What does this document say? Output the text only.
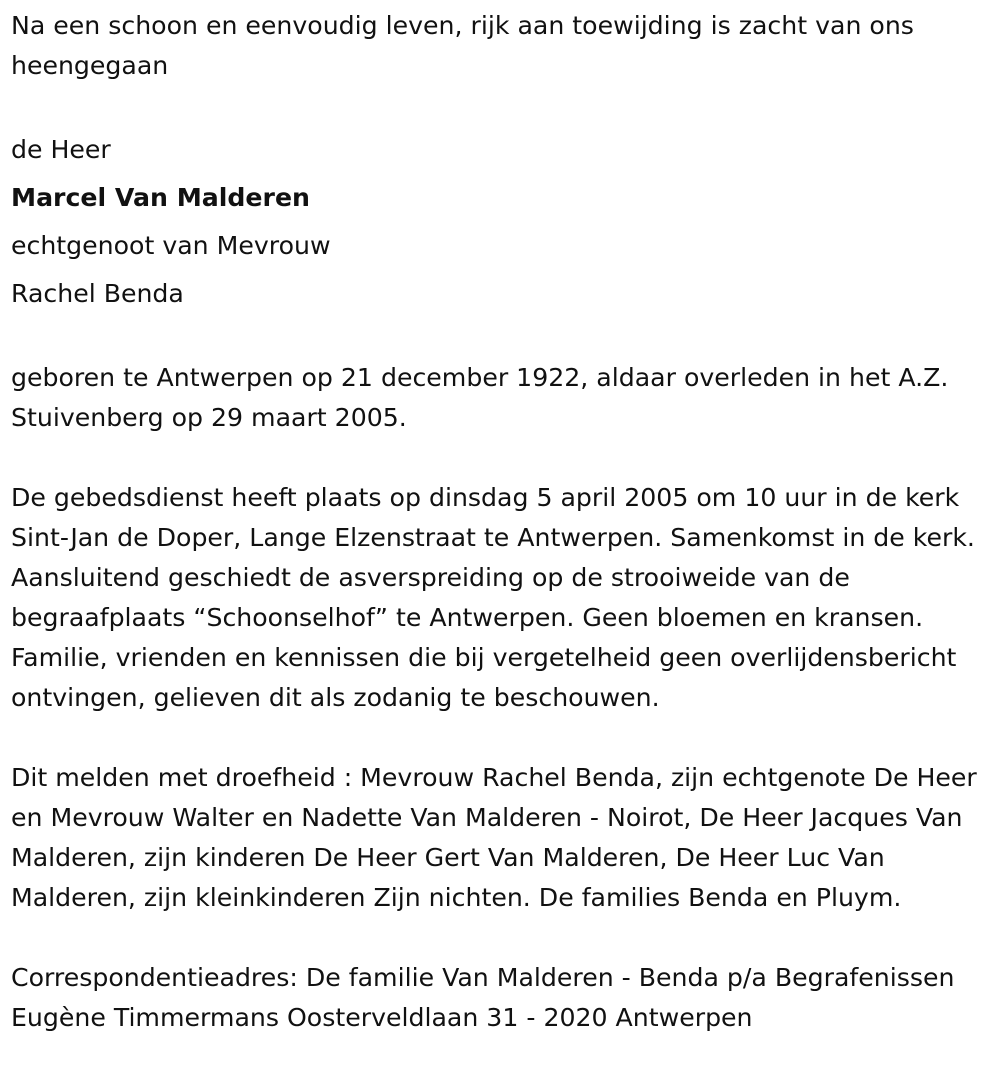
Na een schoon en eenvoudig leven, rijk aan toewijding is zacht van ons heengegaan

de Heer

Marcel Van Malderen

echtgenoot van Mevrouw

Rachel Benda

geboren te Antwerpen op 21 december 1922, aldaar overleden in het A.Z. Stuivenberg op 29 maart 2005.

De gebedsdienst heeft plaats op dinsdag 5 april 2005 om 10 uur in de kerk Sint-Jan de Doper, Lange Elzenstraat te Antwerpen. Samenkomst in de kerk. Aansluitend geschiedt de asverspreiding op de strooiweide van de begraafplaats “Schoonselhof” te Antwerpen. Geen bloemen en kransen. Familie, vrienden en kennissen die bij vergetelheid geen overlijdensbericht ontvingen, gelieven dit als zodanig te beschouwen.

Dit melden met droefheid : Mevrouw Rachel Benda, zijn echtgenote De Heer en Mevrouw Walter en Nadette Van Malderen - Noirot, De Heer Jacques Van Malderen, zijn kinderen De Heer Gert Van Malderen, De Heer Luc Van Malderen, zijn kleinkinderen Zijn nichten. De families Benda en Pluym.

Correspondentieadres: De familie Van Malderen - Benda p/a Begrafenissen Eugène Timmermans Oosterveldlaan 31 - 2020 Antwerpen
